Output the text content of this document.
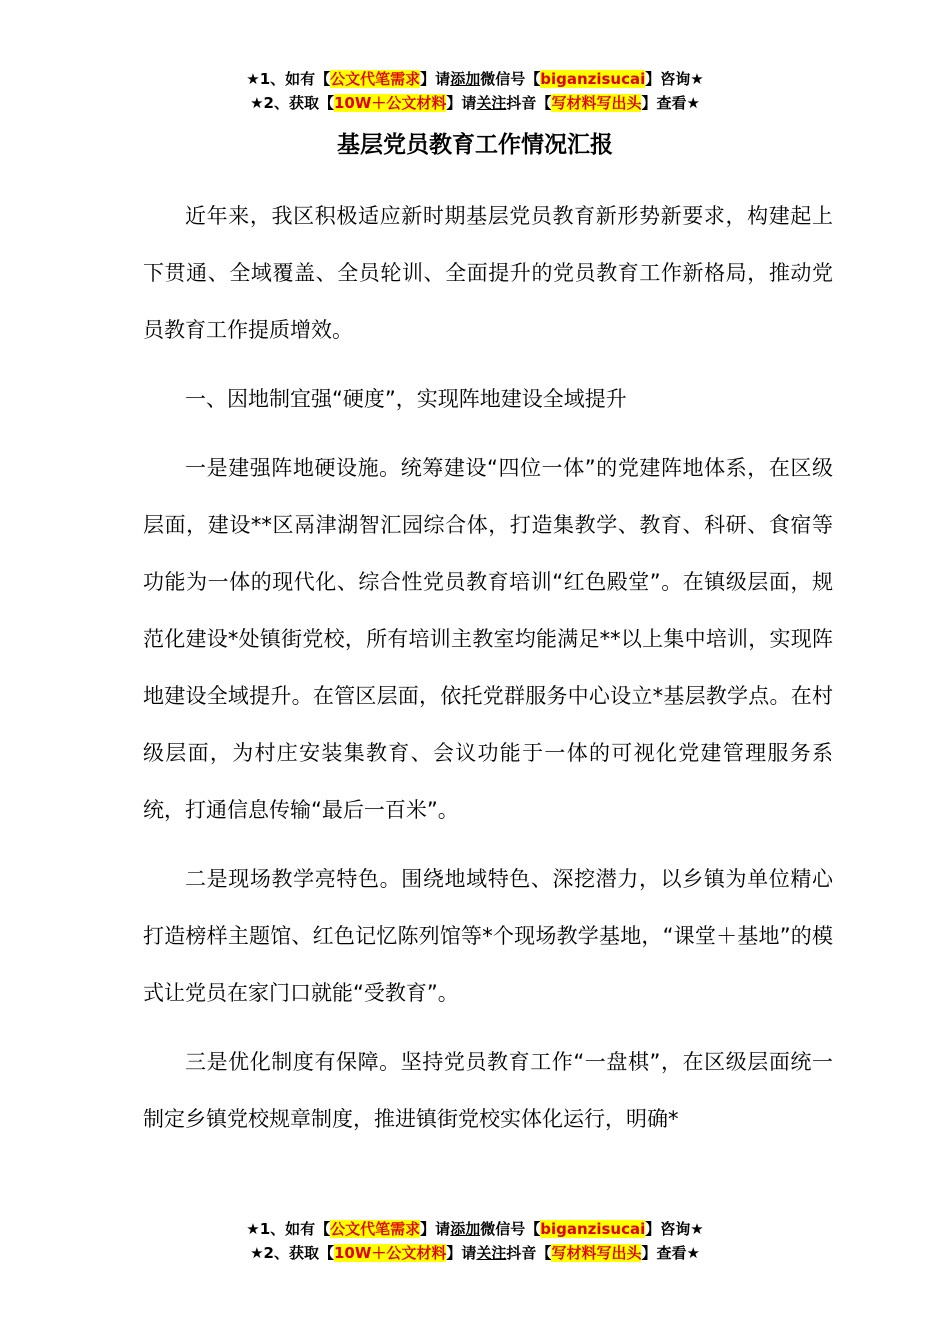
★1、如有【公文代笔需求】请添加微信号【biganzisucai】咨询★
★2、获取【10W＋公文材料】请关注抖音【写材料写出头】查看★
基层党员教育工作情况汇报

近年来，我区积极适应新时期基层党员教育新形势新要求，构建起上下贯通、全域覆盖、全员轮训、全面提升的党员教育工作新格局，推动党员教育工作提质增效。

一、因地制宜强“硬度”，实现阵地建设全域提升

一是建强阵地硬设施。统筹建设“四位一体”的党建阵地体系，在区级层面，建设**区鬲津湖智汇园综合体，打造集教学、教育、科研、食宿等功能为一体的现代化、综合性党员教育培训“红色殿堂”。在镇级层面，规范化建设*处镇街党校，所有培训主教室均能满足**以上集中培训，实现阵地建设全域提升。在管区层面，依托党群服务中心设立*基层教学点。在村级层面，为村庄安装集教育、会议功能于一体的可视化党建管理服务系统，打通信息传输“最后一百米”。

二是现场教学亮特色。围绕地域特色、深挖潜力，以乡镇为单位精心打造榜样主题馆、红色记忆陈列馆等*个现场教学基地，“课堂＋基地”的模式让党员在家门口就能“受教育”。

三是优化制度有保障。坚持党员教育工作“一盘棋”，在区级层面统一制定乡镇党校规章制度，推进镇街党校实体化运行，明确*

★1、如有【公文代笔需求】请添加微信号【biganzisucai】咨询★
★2、获取【10W＋公文材料】请关注抖音【写材料写出头】查看★
